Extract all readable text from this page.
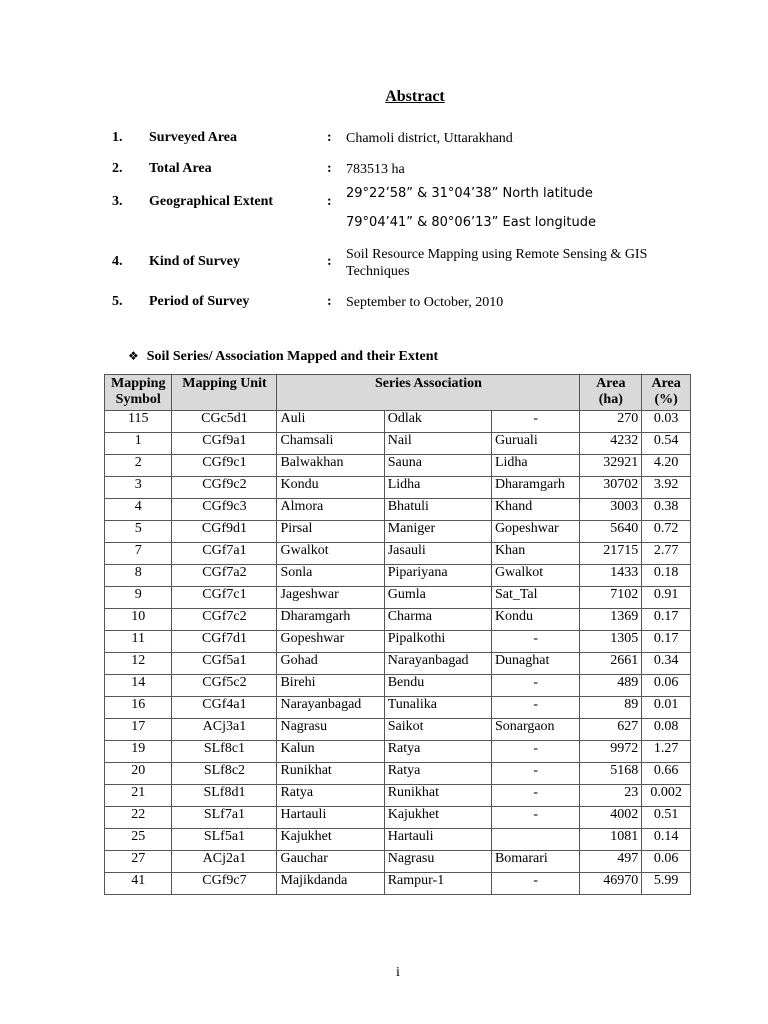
Abstract
1. Surveyed Area	: Chamoli district, Uttarakhand
2. Total Area	: 783513 ha
3. Geographical Extent	:
29°22’58” & 31°04’38” North latitude
79°04’41” & 80°06’13” East longitude
4. Kind of Survey	: Soil Resource Mapping using Remote Sensing & GIS Techniques
5. Period of Survey	: September to October, 2010
❖ Soil Series/ Association Mapped and their Extent
Mapping Symbol	Mapping Unit	Series Association			Area (ha)	Area (%)
115	CGc5d1	Auli	Odlak	-	270	0.03
1	CGf9a1	Chamsali	Nail	Guruali	4232	0.54
2	CGf9c1	Balwakhan	Sauna	Lidha	32921	4.20
3	CGf9c2	Kondu	Lidha	Dharamgarh	30702	3.92
4	CGf9c3	Almora	Bhatuli	Khand	3003	0.38
5	CGf9d1	Pirsal	Maniger	Gopeshwar	5640	0.72
7	CGf7a1	Gwalkot	Jasauli	Khan	21715	2.77
8	CGf7a2	Sonla	Pipariyana	Gwalkot	1433	0.18
9	CGf7c1	Jageshwar	Gumla	Sat_Tal	7102	0.91
10	CGf7c2	Dharamgarh	Charma	Kondu	1369	0.17
11	CGf7d1	Gopeshwar	Pipalkothi	-	1305	0.17
12	CGf5a1	Gohad	Narayanbagad	Dunaghat	2661	0.34
14	CGf5c2	Birehi	Bendu	-	489	0.06
16	CGf4a1	Narayanbagad	Tunalika	-	89	0.01
17	ACj3a1	Nagrasu	Saikot	Sonargaon	627	0.08
19	SLf8c1	Kalun	Ratya	-	9972	1.27
20	SLf8c2	Runikhat	Ratya	-	5168	0.66
21	SLf8d1	Ratya	Runikhat	-	23	0.002
22	SLf7a1	Hartauli	Kajukhet	-	4002	0.51
25	SLf5a1	Kajukhet	Hartauli		1081	0.14
27	ACj2a1	Gauchar	Nagrasu	Bomarari	497	0.06
41	CGf9c7	Majikdanda	Rampur-1	-	46970	5.99
i
